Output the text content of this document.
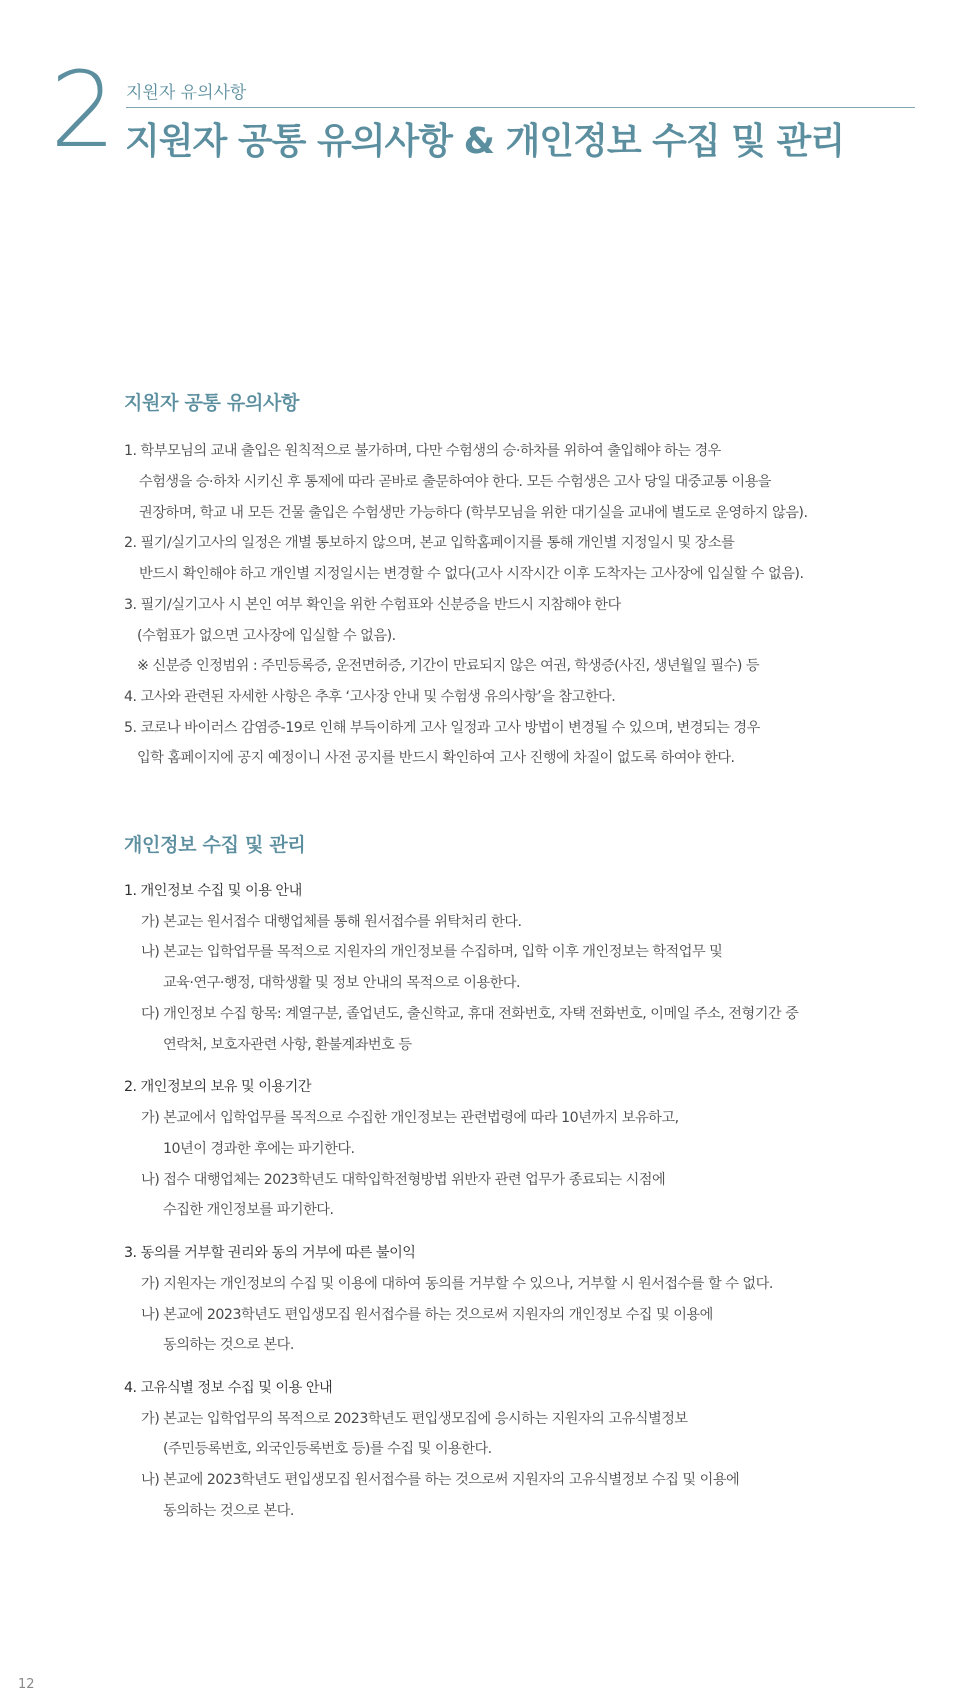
2 지원자 유의사항
지원자 공통 유의사항 & 개인정보 수집 및 관리
지원자 공통 유의사항
1. 학부모님의 교내 출입은 원칙적으로 불가하며, 다만 수험생의 승·하차를 위하여 출입해야 하는 경우
수험생을 승·하차 시키신 후 통제에 따라 곧바로 출문하여야 한다. 모든 수험생은 고사 당일 대중교통 이용을
권장하며, 학교 내 모든 건물 출입은 수험생만 가능하다 (학부모님을 위한 대기실을 교내에 별도로 운영하지 않음).
2. 필기/실기고사의 일정은 개별 통보하지 않으며, 본교 입학홈페이지를 통해 개인별 지정일시 및 장소를
반드시 확인해야 하고 개인별 지정일시는 변경할 수 없다(고사 시작시간 이후 도착자는 고사장에 입실할 수 없음).
3. 필기/실기고사 시 본인 여부 확인을 위한 수험표와 신분증을 반드시 지참해야 한다
(수험표가 없으면 고사장에 입실할 수 없음).
※ 신분증 인정범위 : 주민등록증, 운전면허증, 기간이 만료되지 않은 여권, 학생증(사진, 생년월일 필수) 등
4. 고사와 관련된 자세한 사항은 추후 ‘고사장 안내 및 수험생 유의사항’을 참고한다.
5. 코로나 바이러스 감염증-19로 인해 부득이하게 고사 일정과 고사 방법이 변경될 수 있으며, 변경되는 경우
입학 홈페이지에 공지 예정이니 사전 공지를 반드시 확인하여 고사 진행에 차질이 없도록 하여야 한다.
개인정보 수집 및 관리
1. 개인정보 수집 및 이용 안내
가) 본교는 원서접수 대행업체를 통해 원서접수를 위탁처리 한다.
나) 본교는 입학업무를 목적으로 지원자의 개인정보를 수집하며, 입학 이후 개인정보는 학적업무 및
교육·연구·행정, 대학생활 및 정보 안내의 목적으로 이용한다.
다) 개인정보 수집 항목: 계열구분, 졸업년도, 출신학교, 휴대 전화번호, 자택 전화번호, 이메일 주소, 전형기간 중
연락처, 보호자관련 사항, 환불계좌번호 등
2. 개인정보의 보유 및 이용기간
가) 본교에서 입학업무를 목적으로 수집한 개인정보는 관련법령에 따라 10년까지 보유하고,
10년이 경과한 후에는 파기한다.
나) 접수 대행업체는 2023학년도 대학입학전형방법 위반자 관련 업무가 종료되는 시점에
수집한 개인정보를 파기한다.
3. 동의를 거부할 권리와 동의 거부에 따른 불이익
가) 지원자는 개인정보의 수집 및 이용에 대하여 동의를 거부할 수 있으나, 거부할 시 원서접수를 할 수 없다.
나) 본교에 2023학년도 편입생모집 원서접수를 하는 것으로써 지원자의 개인정보 수집 및 이용에
동의하는 것으로 본다.
4. 고유식별 정보 수집 및 이용 안내
가) 본교는 입학업무의 목적으로 2023학년도 편입생모집에 응시하는 지원자의 고유식별정보
(주민등록번호, 외국인등록번호 등)를 수집 및 이용한다.
나) 본교에 2023학년도 편입생모집 원서접수를 하는 것으로써 지원자의 고유식별정보 수집 및 이용에
동의하는 것으로 본다.
12
